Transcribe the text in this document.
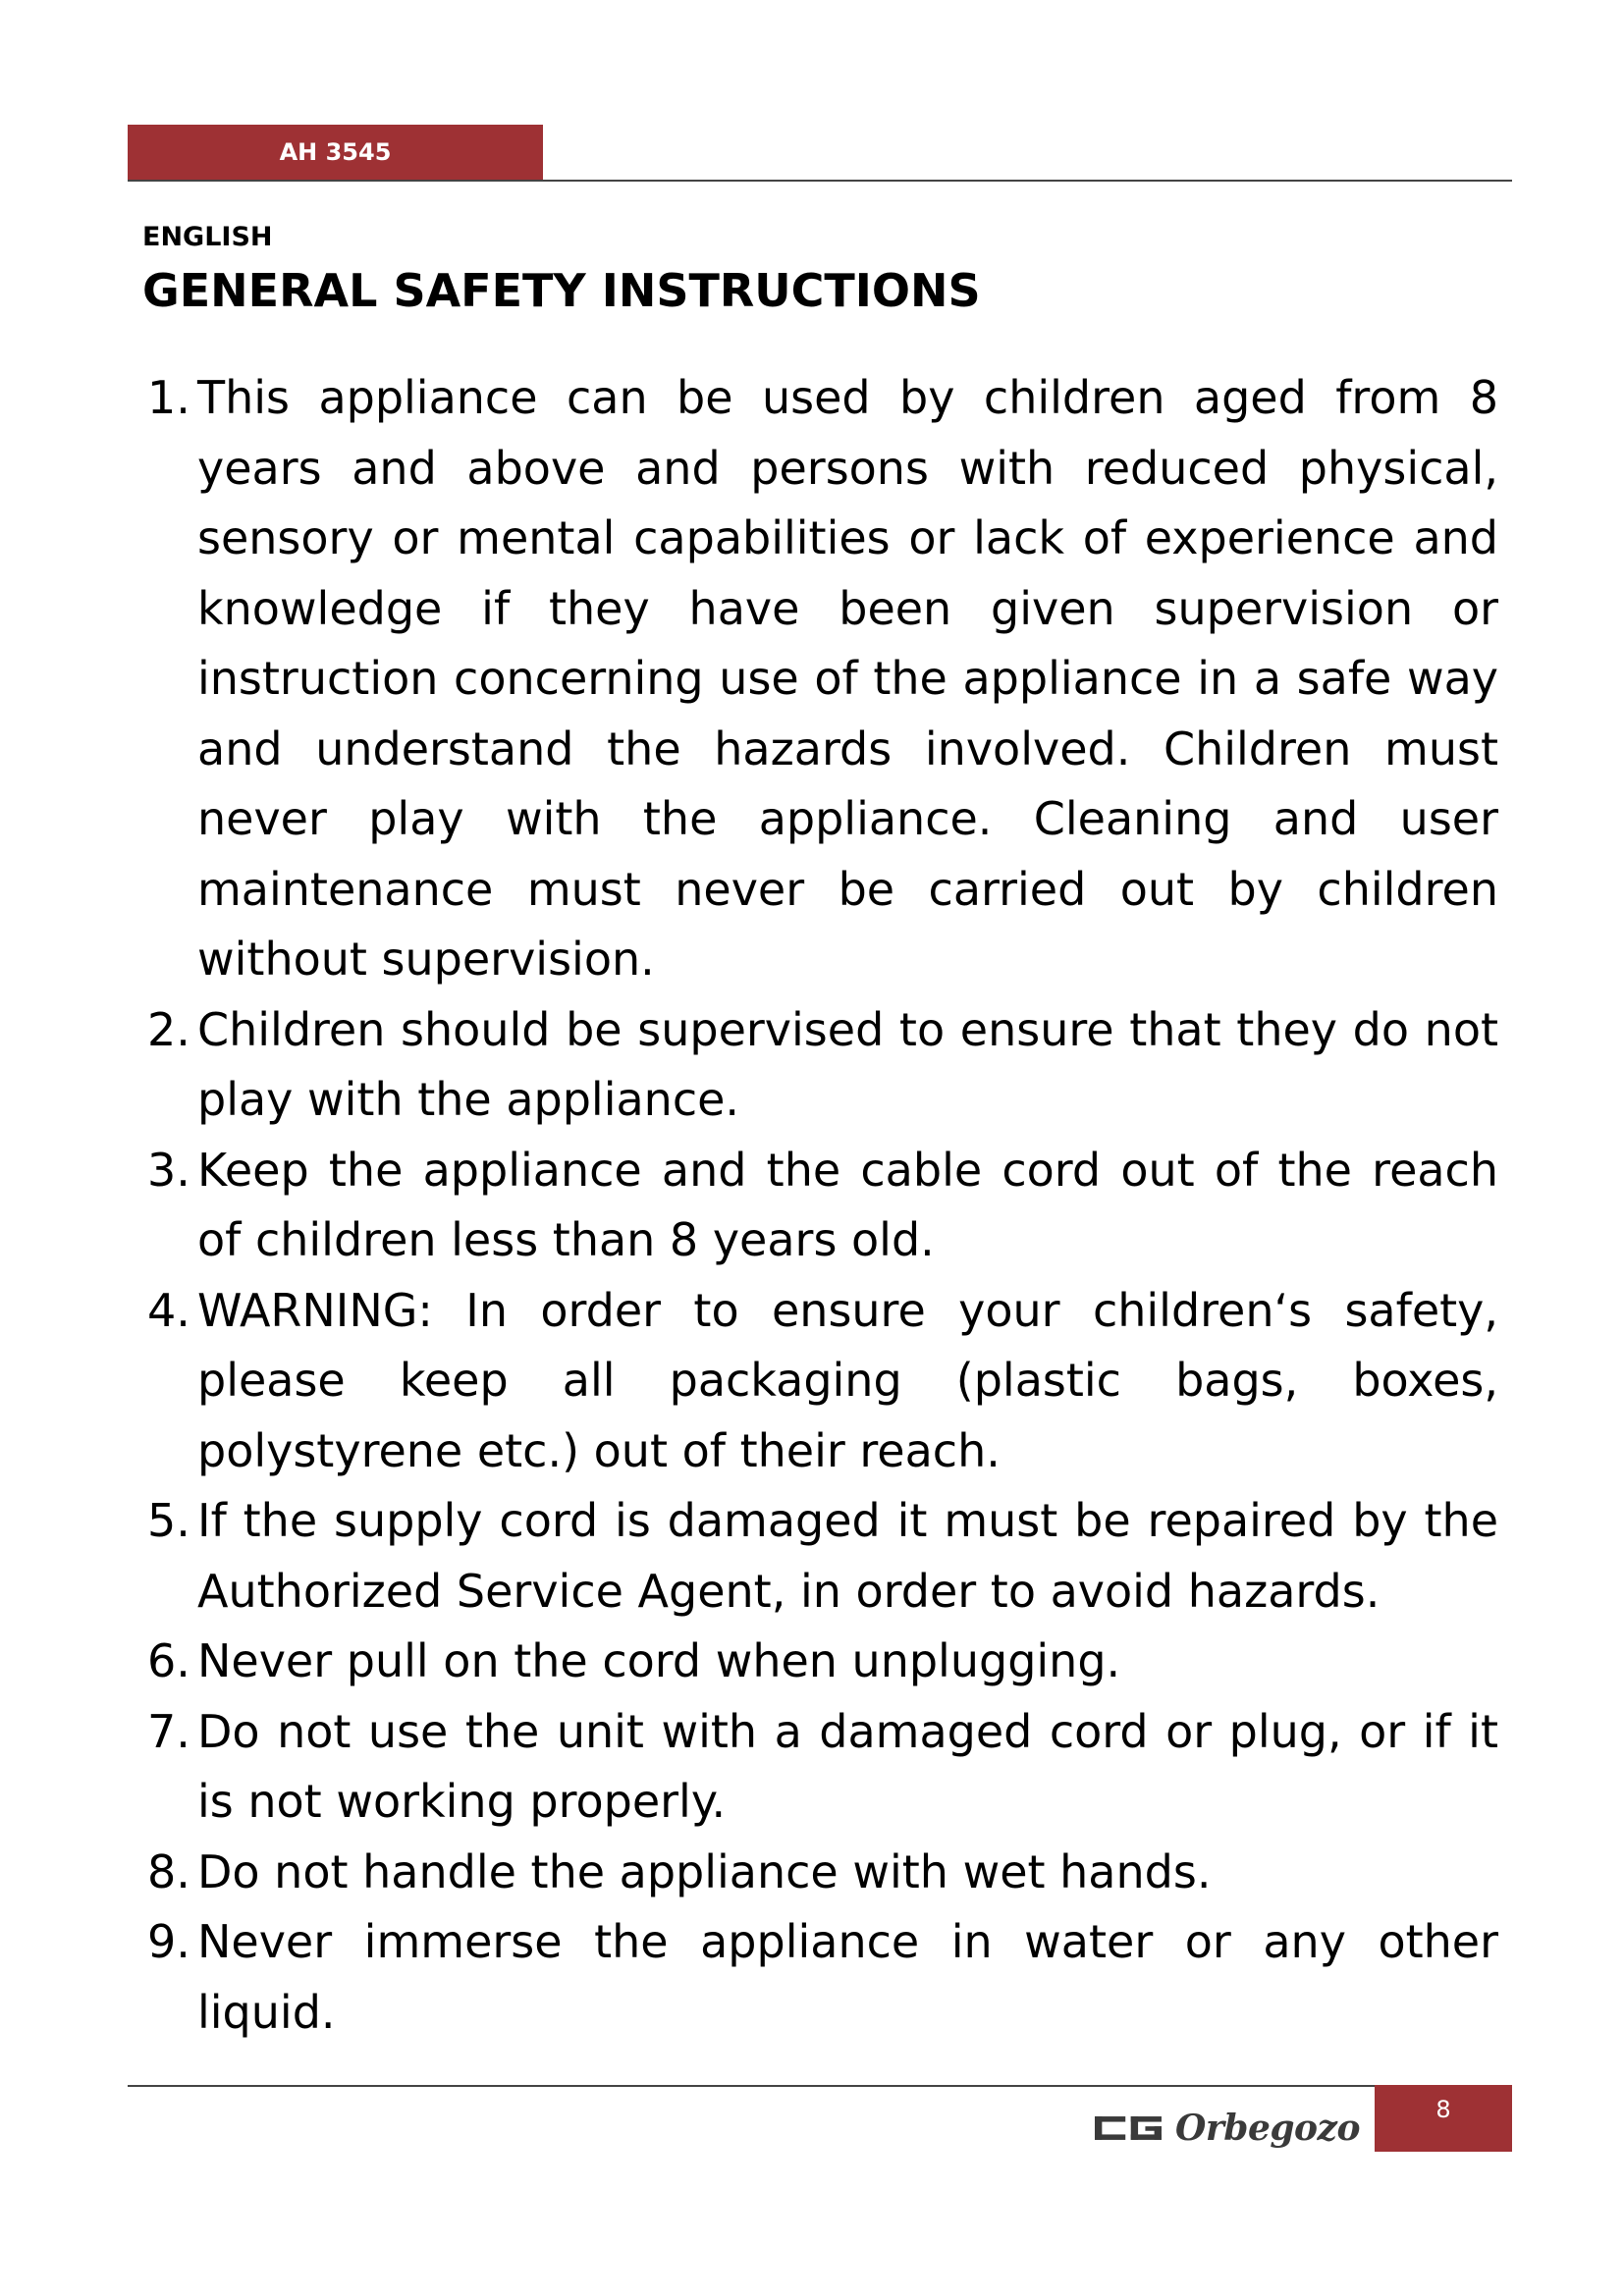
AH 3545
ENGLISH
GENERAL SAFETY INSTRUCTIONS
1. This appliance can be used by children aged from 8 years and above and persons with reduced physical, sensory or mental capabilities or lack of experience and knowledge if they have been given supervision or instruction concerning use of the appliance in a safe way and understand the hazards involved. Children must never play with the appliance. Cleaning and user maintenance must never be carried out by children without supervision.
2. Children should be supervised to ensure that they do not play with the appliance.
3. Keep the appliance and the cable cord out of the reach of children less than 8 years old.
4. WARNING: In order to ensure your children‘s safety, please keep all packaging (plastic bags, boxes, polystyrene etc.) out of their reach.
5. If the supply cord is damaged it must be repaired by the Authorized Service Agent, in order to avoid hazards.
6. Never pull on the cord when unplugging.
7. Do not use the unit with a damaged cord or plug, or if it is not working properly.
8. Do not handle the appliance with wet hands.
9. Never immerse the appliance in water or any other liquid.
Orbegozo	8
